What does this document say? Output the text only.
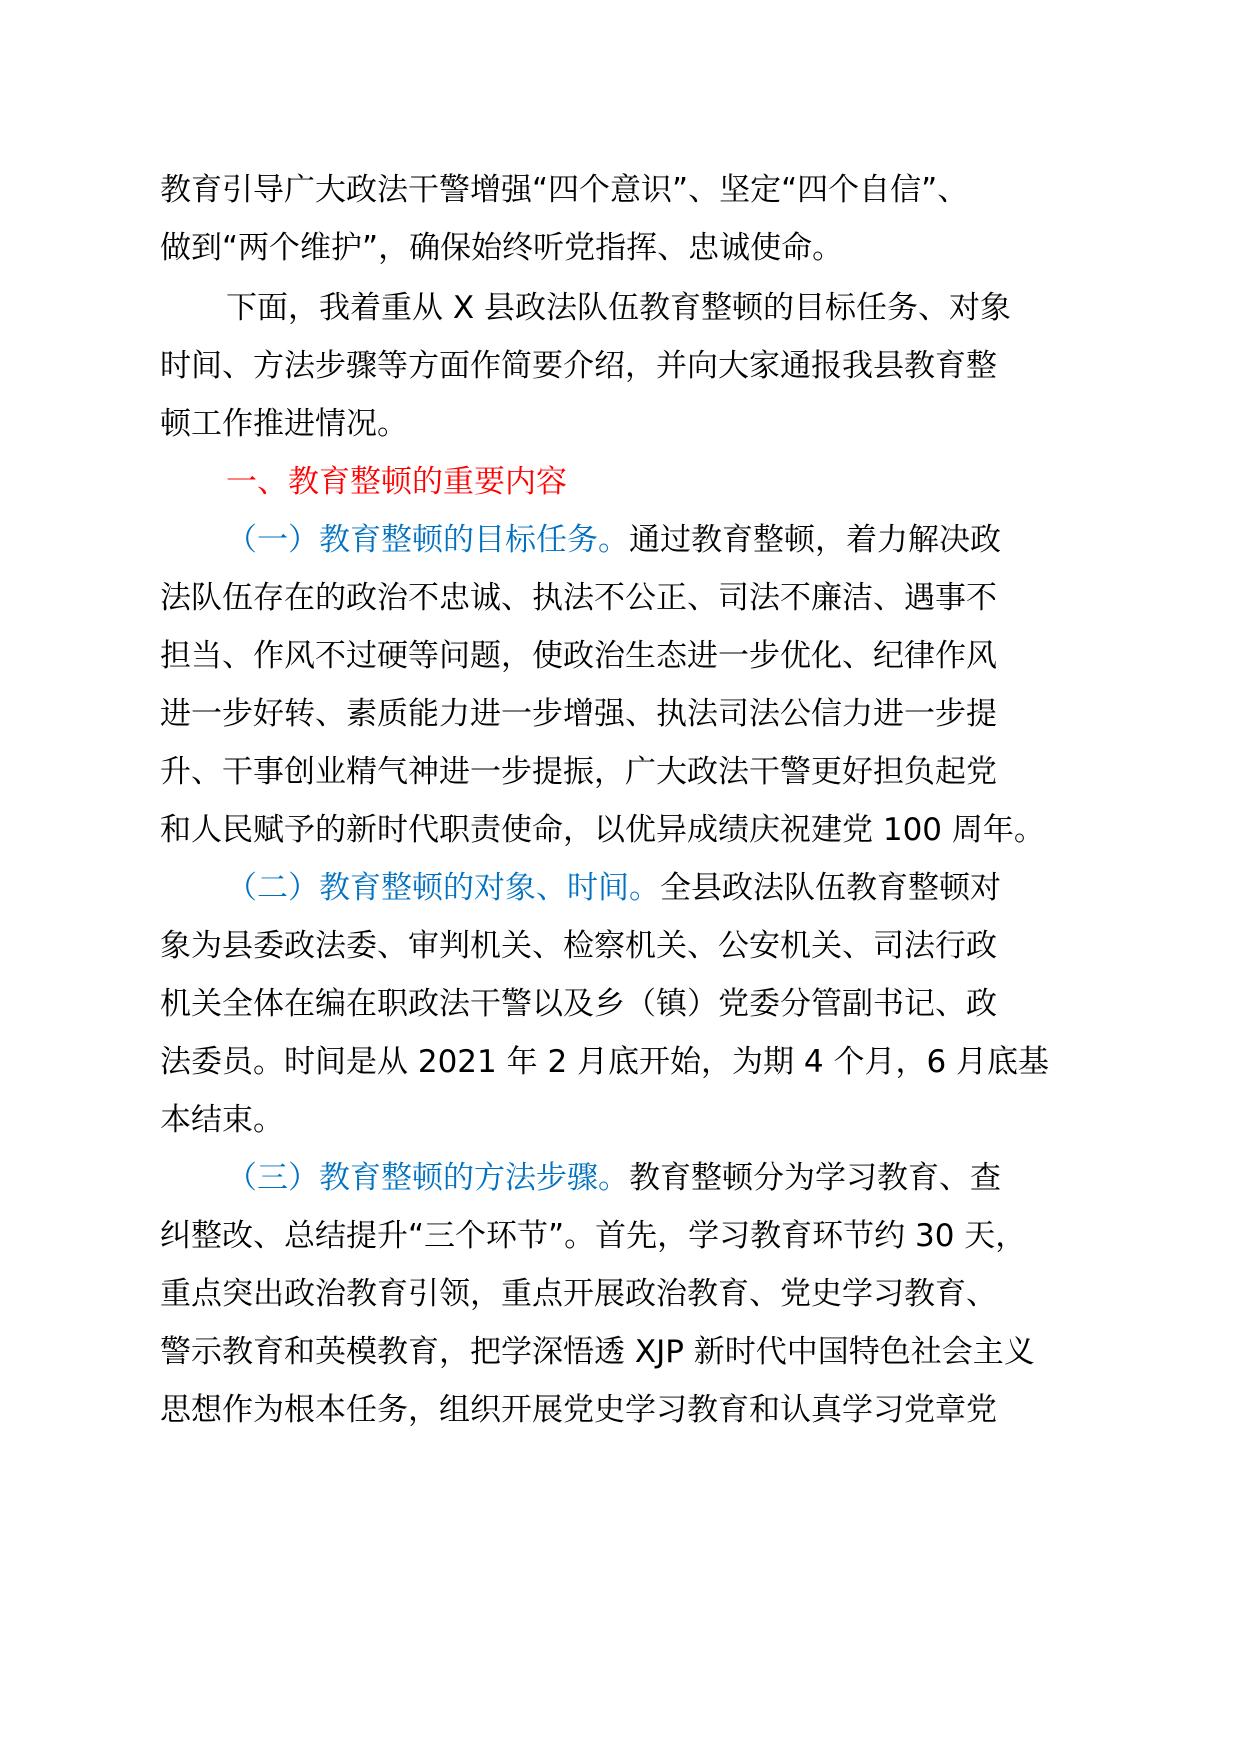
教育引导广大政法干警增强“四个意识”、坚定“四个自信”、
做到“两个维护”，确保始终听党指挥、忠诚使命。
下面，我着重从 X 县政法队伍教育整顿的目标任务、对象
时间、方法步骤等方面作简要介绍，并向大家通报我县教育整
顿工作推进情况。
一、教育整顿的重要内容
（一）教育整顿的目标任务。通过教育整顿，着力解决政
法队伍存在的政治不忠诚、执法不公正、司法不廉洁、遇事不
担当、作风不过硬等问题，使政治生态进一步优化、纪律作风
进一步好转、素质能力进一步增强、执法司法公信力进一步提
升、干事创业精气神进一步提振，广大政法干警更好担负起党
和人民赋予的新时代职责使命，以优异成绩庆祝建党 100 周年。
（二）教育整顿的对象、时间。全县政法队伍教育整顿对
象为县委政法委、审判机关、检察机关、公安机关、司法行政
机关全体在编在职政法干警以及乡（镇）党委分管副书记、政
法委员。时间是从 2021 年 2 月底开始，为期 4 个月，6 月底基
本结束。
（三）教育整顿的方法步骤。教育整顿分为学习教育、查
纠整改、总结提升“三个环节”。首先，学习教育环节约 30 天，
重点突出政治教育引领，重点开展政治教育、党史学习教育、
警示教育和英模教育，把学深悟透 XJP 新时代中国特色社会主义
思想作为根本任务，组织开展党史学习教育和认真学习党章党
